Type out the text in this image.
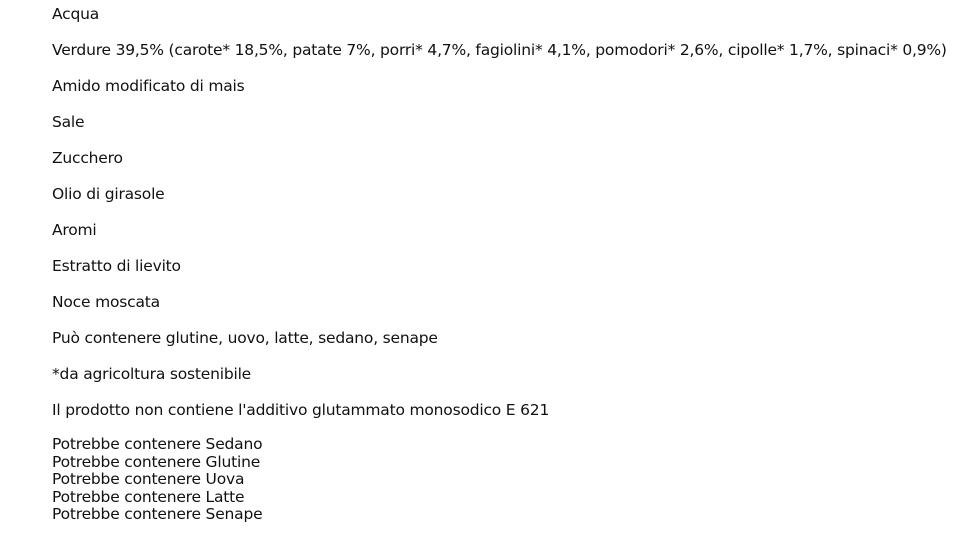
Acqua
Verdure 39,5% (carote* 18,5%, patate 7%, porri* 4,7%, fagiolini* 4,1%, pomodori* 2,6%, cipolle* 1,7%, spinaci* 0,9%)
Amido modificato di mais
Sale
Zucchero
Olio di girasole
Aromi
Estratto di lievito
Noce moscata
Può contenere glutine, uovo, latte, sedano, senape
*da agricoltura sostenibile
Il prodotto non contiene l'additivo glutammato monosodico E 621
Potrebbe contenere Sedano
Potrebbe contenere Glutine
Potrebbe contenere Uova
Potrebbe contenere Latte
Potrebbe contenere Senape
